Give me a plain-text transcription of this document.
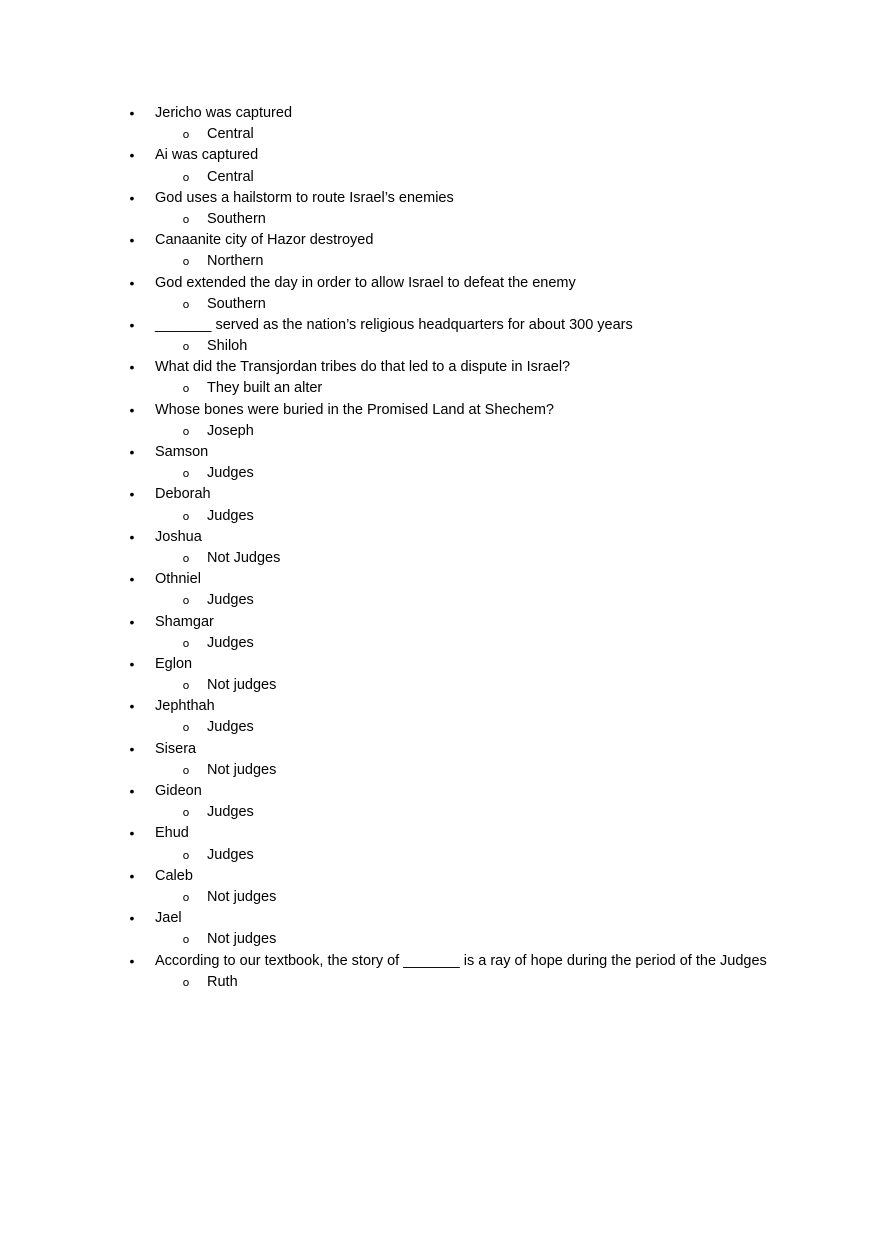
• Jericho was captured
o Central
• Ai was captured
o Central
• God uses a hailstorm to route Israel’s enemies
o Southern
• Canaanite city of Hazor destroyed
o Northern
• God extended the day in order to allow Israel to defeat the enemy
o Southern
• _______ served as the nation’s religious headquarters for about 300 years
o Shiloh
• What did the Transjordan tribes do that led to a dispute in Israel?
o They built an alter
• Whose bones were buried in the Promised Land at Shechem?
o Joseph
• Samson
o Judges
• Deborah
o Judges
• Joshua
o Not Judges
• Othniel
o Judges
• Shamgar
o Judges
• Eglon
o Not judges
• Jephthah
o Judges
• Sisera
o Not judges
• Gideon
o Judges
• Ehud
o Judges
• Caleb
o Not judges
• Jael
o Not judges
• According to our textbook, the story of _______ is a ray of hope during the period of the Judges
o Ruth
